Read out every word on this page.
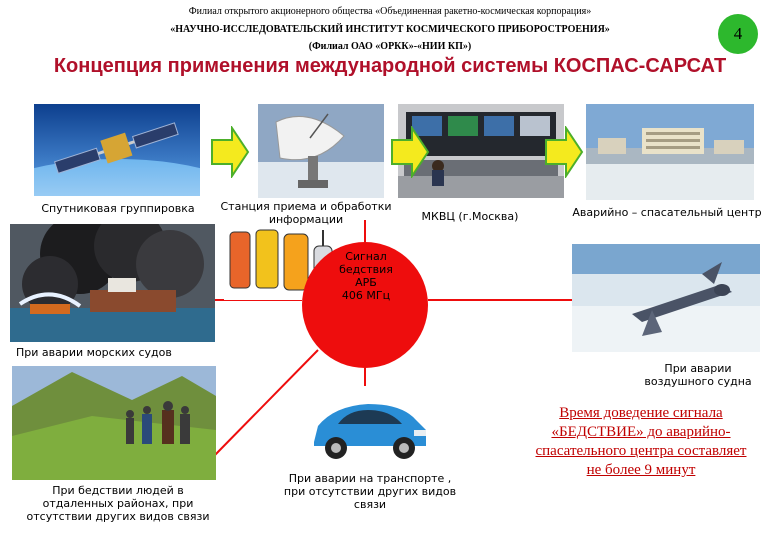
Филиал открытого акционерного общества «Объединенная ракетно-космическая корпорация»
«НАУЧНО-ИССЛЕДОВАТЕЛЬСКИЙ ИНСТИТУТ КОСМИЧЕСКОГО ПРИБОРОСТРОЕНИЯ»
(Филиал ОАО «ОРКК»-«НИИ КП»)
4
Концепция применения международной системы КОСПАС-САРСАТ
Спутниковая группировка	Станция приема и обработки информации	МКВЦ (г.Москва)	Аварийно – спасательный центр
Сигнал
бедствия
АРБ
406 МГц
При аварии морских судов
При аварии воздушного судна
При бедствии людей в отдаленных районах, при отсутствии других видов связи
При аварии на транспорте , при отсутствии других видов связи
Время доведение сигнала
«БЕДСТВИЕ» до аварийно-
спасательного центра составляет
не более 9 минут
